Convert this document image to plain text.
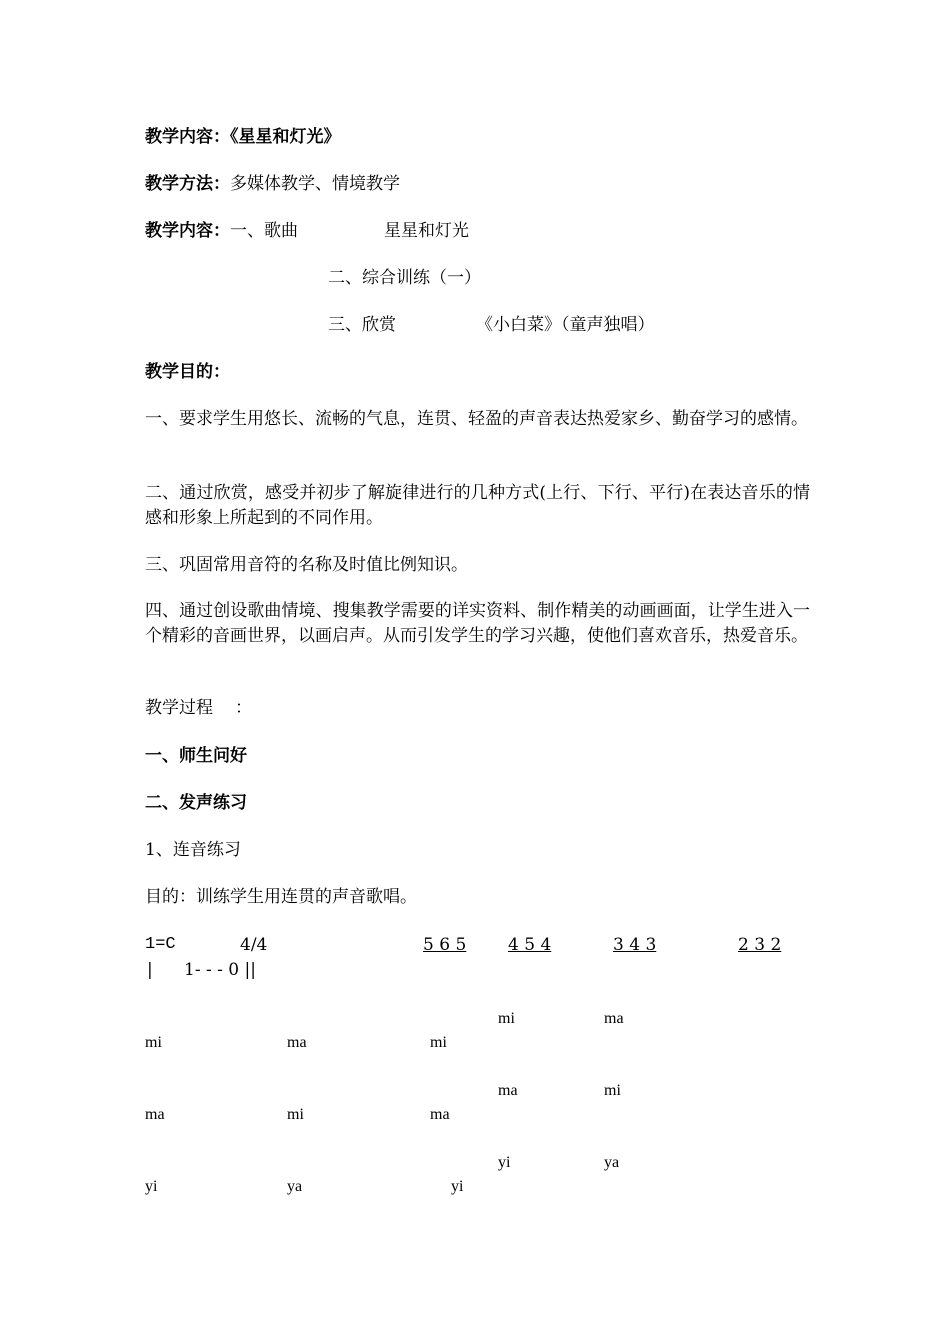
教学内容：《星星和灯光》
教学方法：多媒体教学、情境教学
教学内容：一、歌曲	星星和灯光
二、综合训练（一）
三、欣赏	《小白菜》（童声独唱）
教学目的：
一、要求学生用悠长、流畅的气息，连贯、轻盈的声音表达热爱家乡、勤奋学习的感情。
二、通过欣赏，感受并初步了解旋律进行的几种方式(上行、下行、平行)在表达音乐的情感和形象上所起到的不同作用。
三、巩固常用音符的名称及时值比例知识。
四、通过创设歌曲情境、搜集教学需要的详实资料、制作精美的动画画面，让学生进入一个精彩的音画世界，以画启声。从而引发学生的学习兴趣，使他们喜欢音乐，热爱音乐。
教学过程 ：
一、师生问好
二、发声练习
1、连音练习
目的：训练学生用连贯的声音歌唱。
1=C	4/4	5 6 5 4 5 4	3 4 3	2 3 2
| 1- - - 0 ||
mi	ma
mi	ma	mi
ma	mi
ma	mi	ma
yi	ya
yi	ya	yi
